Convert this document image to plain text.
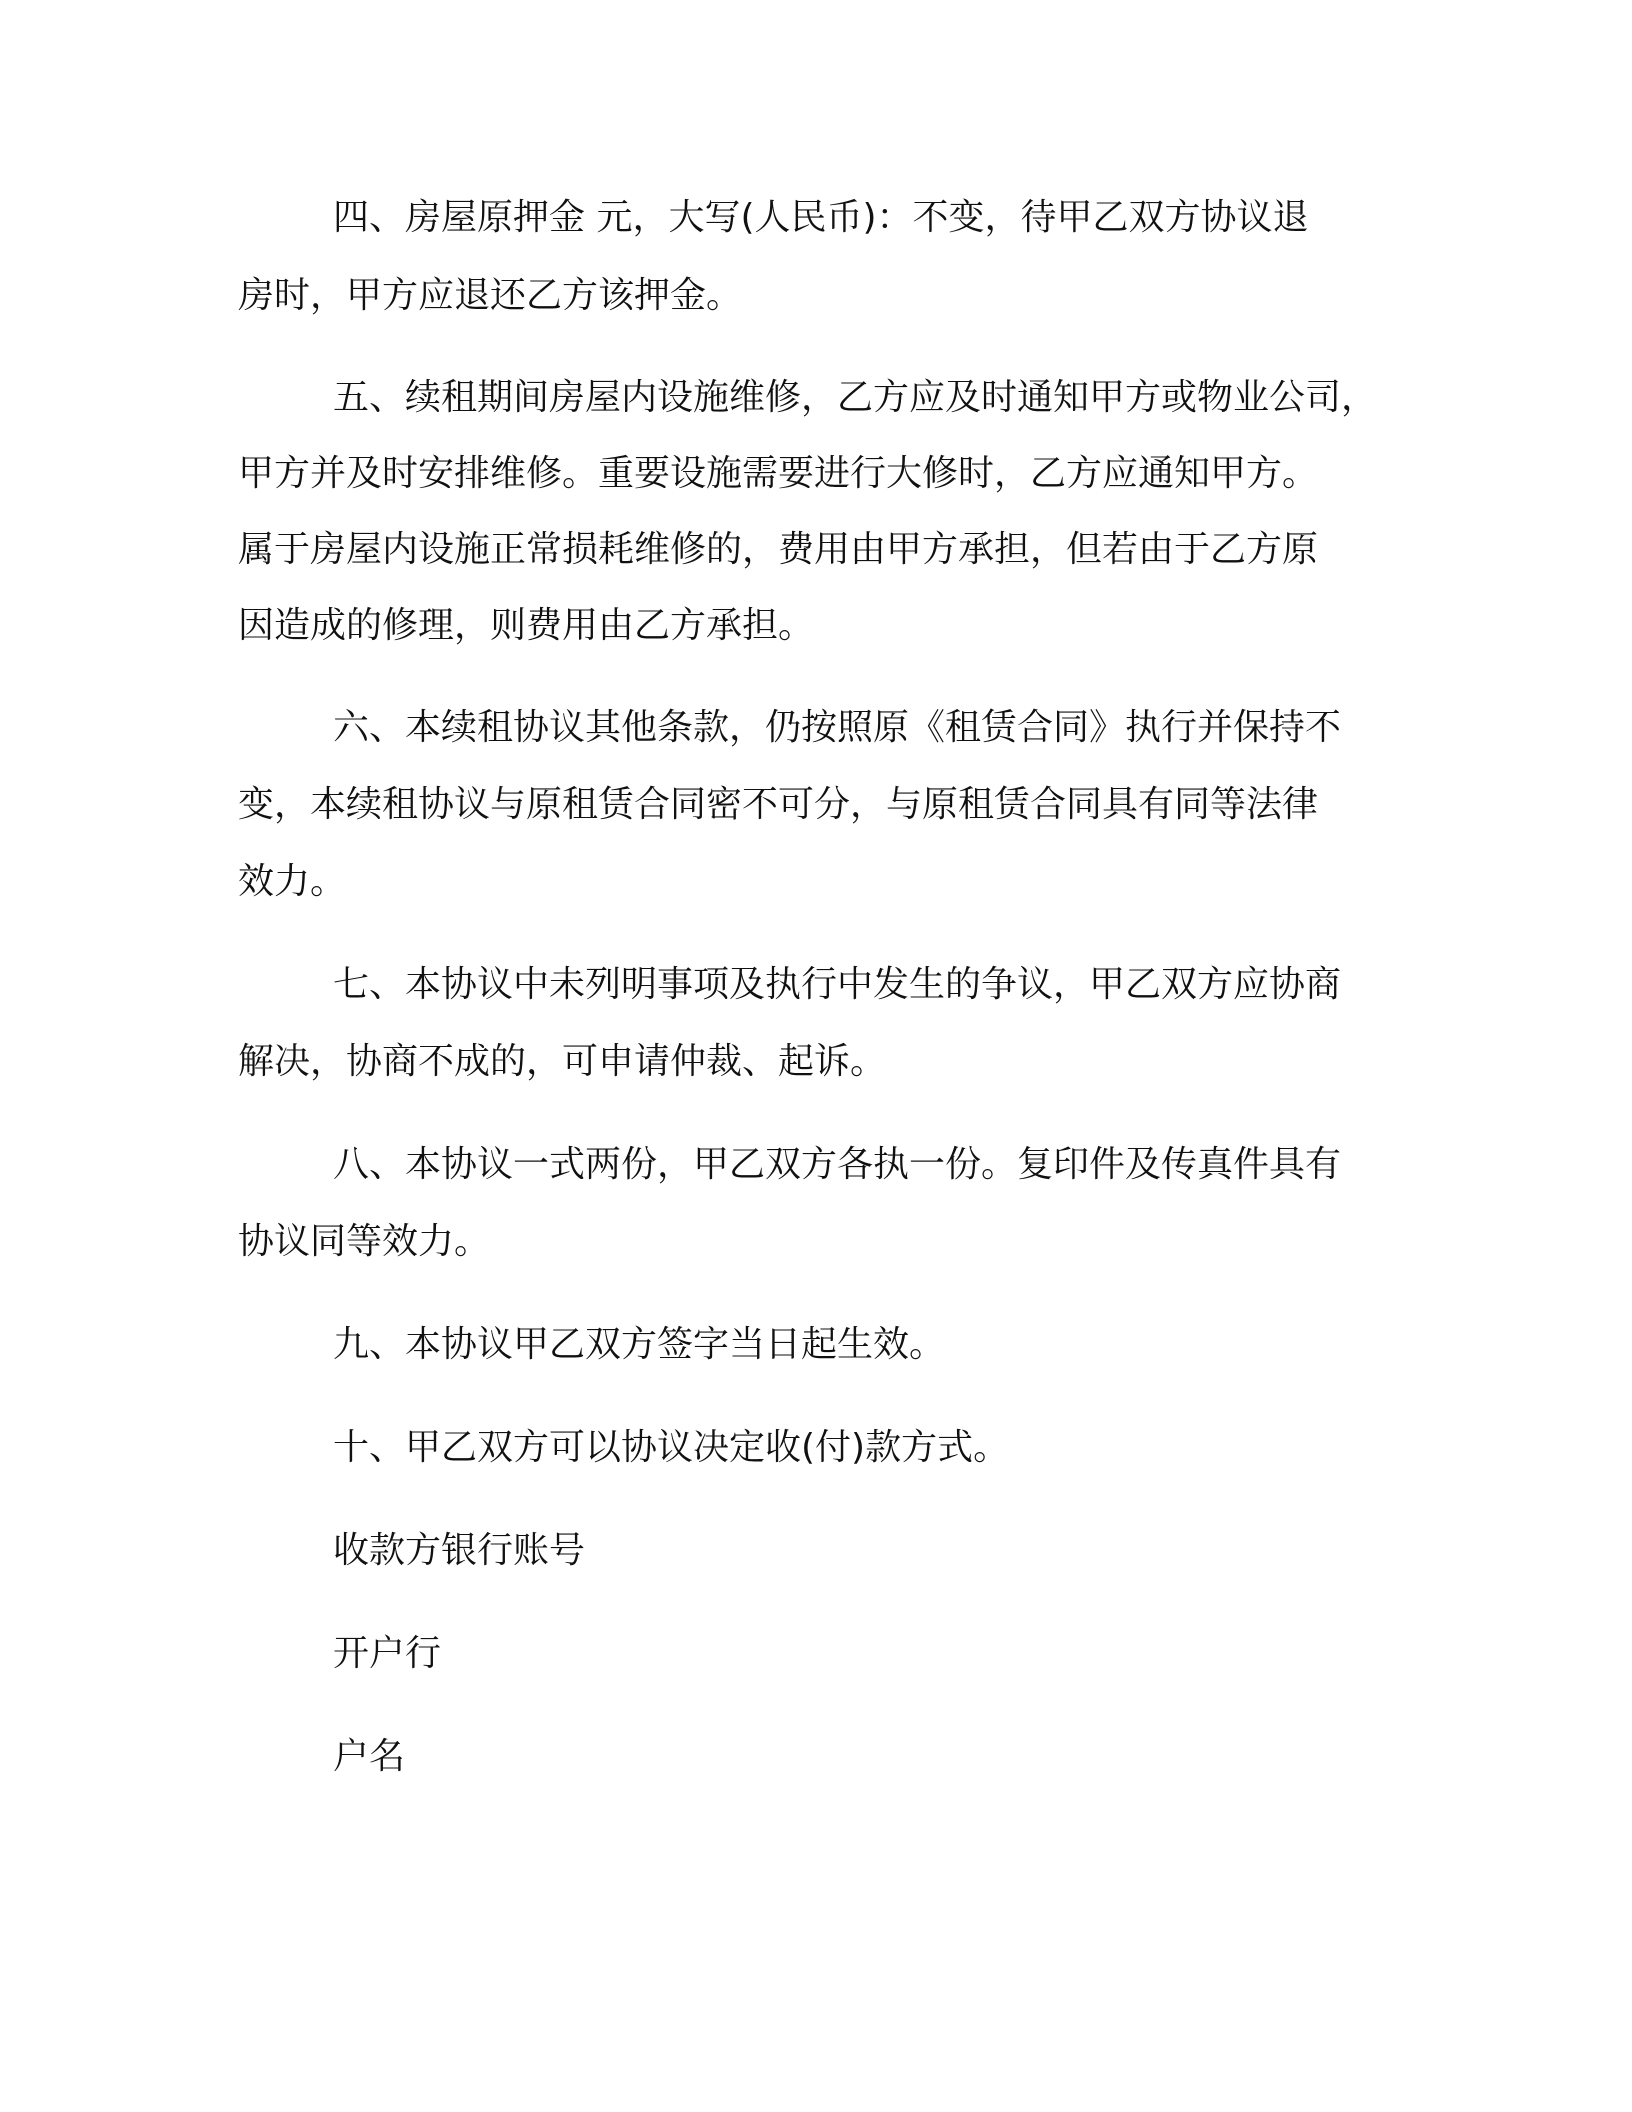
四、房屋原押金 元，大写(人民币)：不变，待甲乙双方协议退
房时，甲方应退还乙方该押金。
五、续租期间房屋内设施维修，乙方应及时通知甲方或物业公司，
甲方并及时安排维修。重要设施需要进行大修时，乙方应通知甲方。
属于房屋内设施正常损耗维修的，费用由甲方承担，但若由于乙方原
因造成的修理，则费用由乙方承担。
六、本续租协议其他条款，仍按照原《租赁合同》执行并保持不
变，本续租协议与原租赁合同密不可分，与原租赁合同具有同等法律
效力。
七、本协议中未列明事项及执行中发生的争议，甲乙双方应协商
解决，协商不成的，可申请仲裁、起诉。
八、本协议一式两份，甲乙双方各执一份。复印件及传真件具有
协议同等效力。
九、本协议甲乙双方签字当日起生效。
十、甲乙双方可以协议决定收(付)款方式。
收款方银行账号
开户行
户名
